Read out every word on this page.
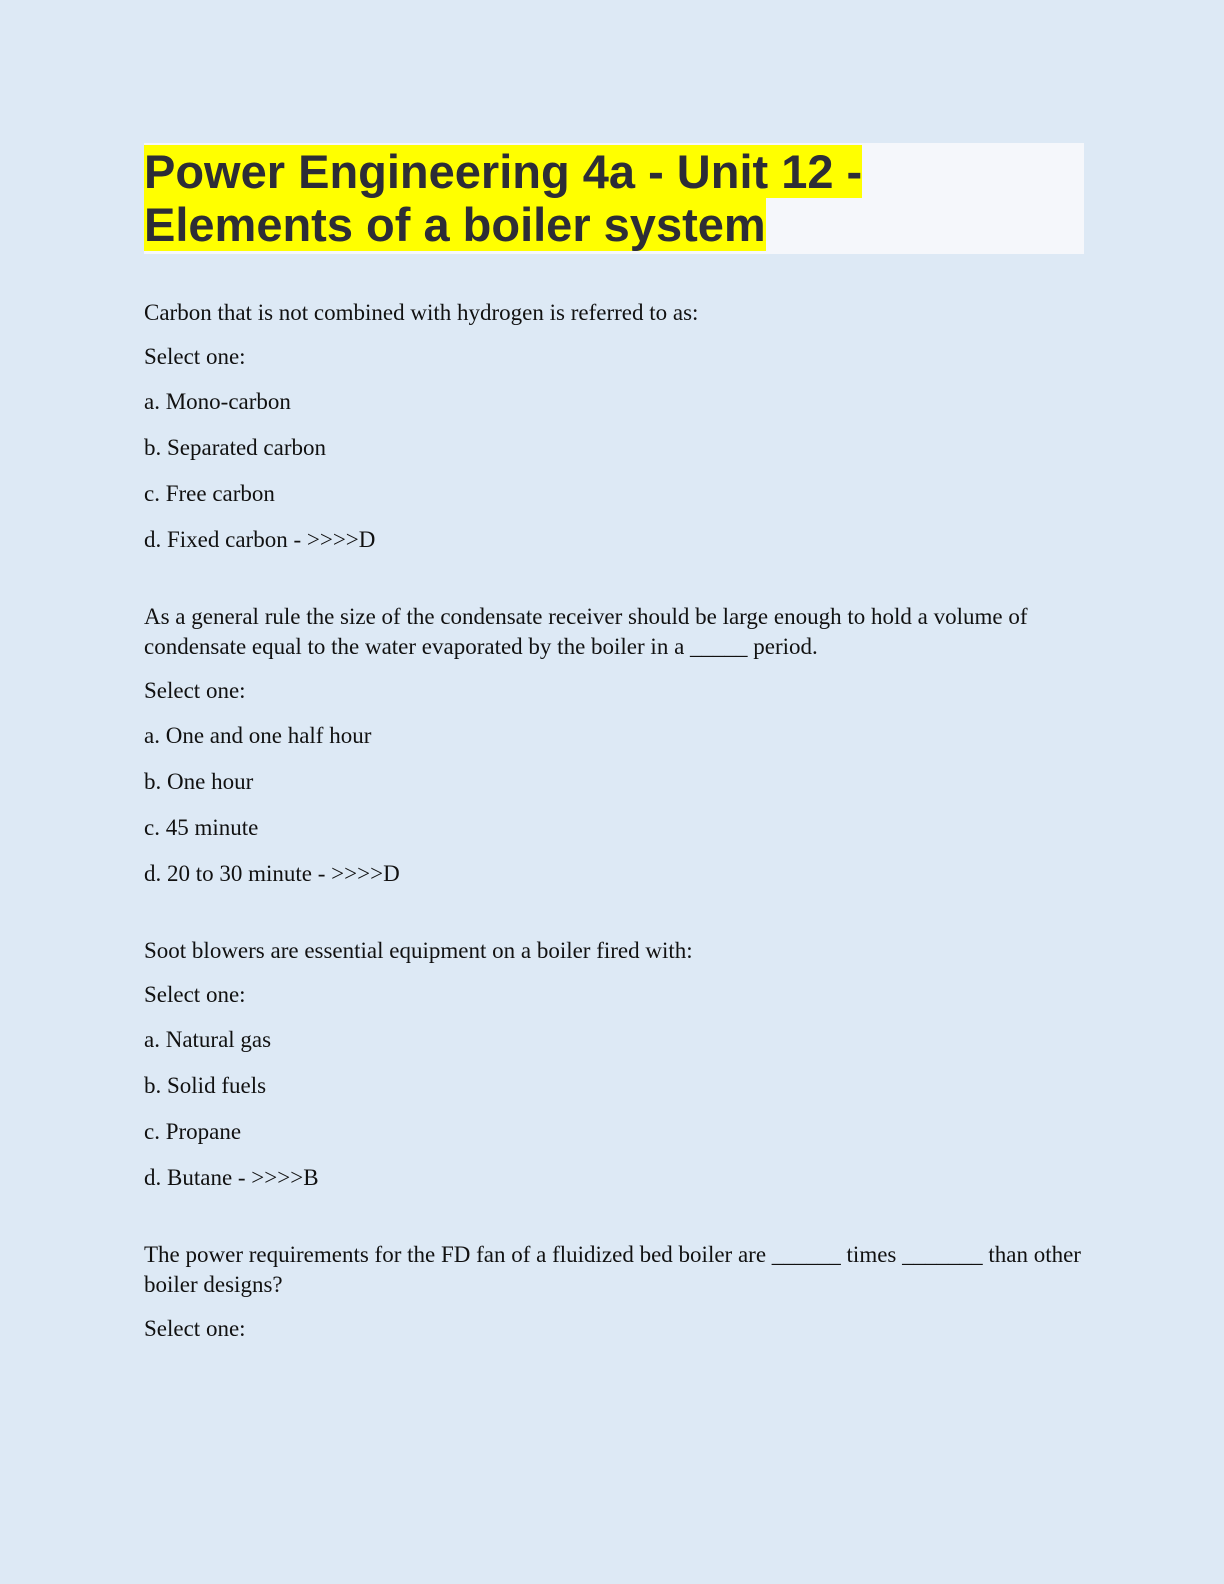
Power Engineering 4a - Unit 12 -
Elements of a boiler system

Carbon that is not combined with hydrogen is referred to as:

Select one:

a. Mono-carbon
b. Separated carbon
c. Free carbon
d. Fixed carbon - >>>>D

As a general rule the size of the condensate receiver should be large enough to hold a volume of condensate equal to the water evaporated by the boiler in a _____ period.

Select one:

a. One and one half hour
b. One hour
c. 45 minute
d. 20 to 30 minute - >>>>D

Soot blowers are essential equipment on a boiler fired with:

Select one:

a. Natural gas
b. Solid fuels
c. Propane
d. Butane - >>>>B

The power requirements for the FD fan of a fluidized bed boiler are ______ times _______ than other boiler designs?

Select one:
